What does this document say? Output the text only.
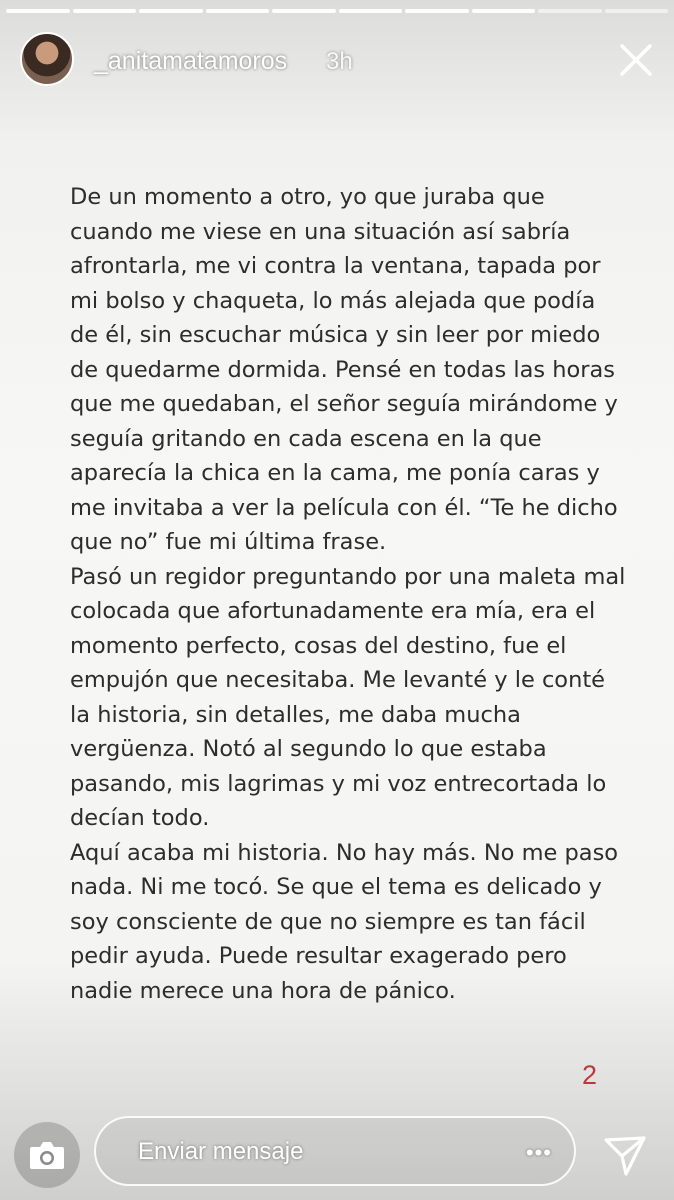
_anitamatamoros 3h

De un momento a otro, yo que juraba que cuando me viese en una situación así sabría afrontarla, me vi contra la ventana, tapada por mi bolso y chaqueta, lo más alejada que podía de él, sin escuchar música y sin leer por miedo de quedarme dormida. Pensé en todas las horas que me quedaban, el señor seguía mirándome y seguía gritando en cada escena en la que aparecía la chica en la cama, me ponía caras y me invitaba a ver la película con él. “Te he dicho que no” fue mi última frase.

Pasó un regidor preguntando por una maleta mal colocada que afortunadamente era mía, era el momento perfecto, cosas del destino, fue el empujón que necesitaba. Me levanté y le conté la historia, sin detalles, me daba mucha vergüenza. Notó al segundo lo que estaba pasando, mis lagrimas y mi voz entrecortada lo decían todo.

Aquí acaba mi historia. No hay más. No me paso nada. Ni me tocó. Se que el tema es delicado y soy consciente de que no siempre es tan fácil pedir ayuda. Puede resultar exagerado pero nadie merece una hora de pánico.

2
Enviar mensaje	•••
